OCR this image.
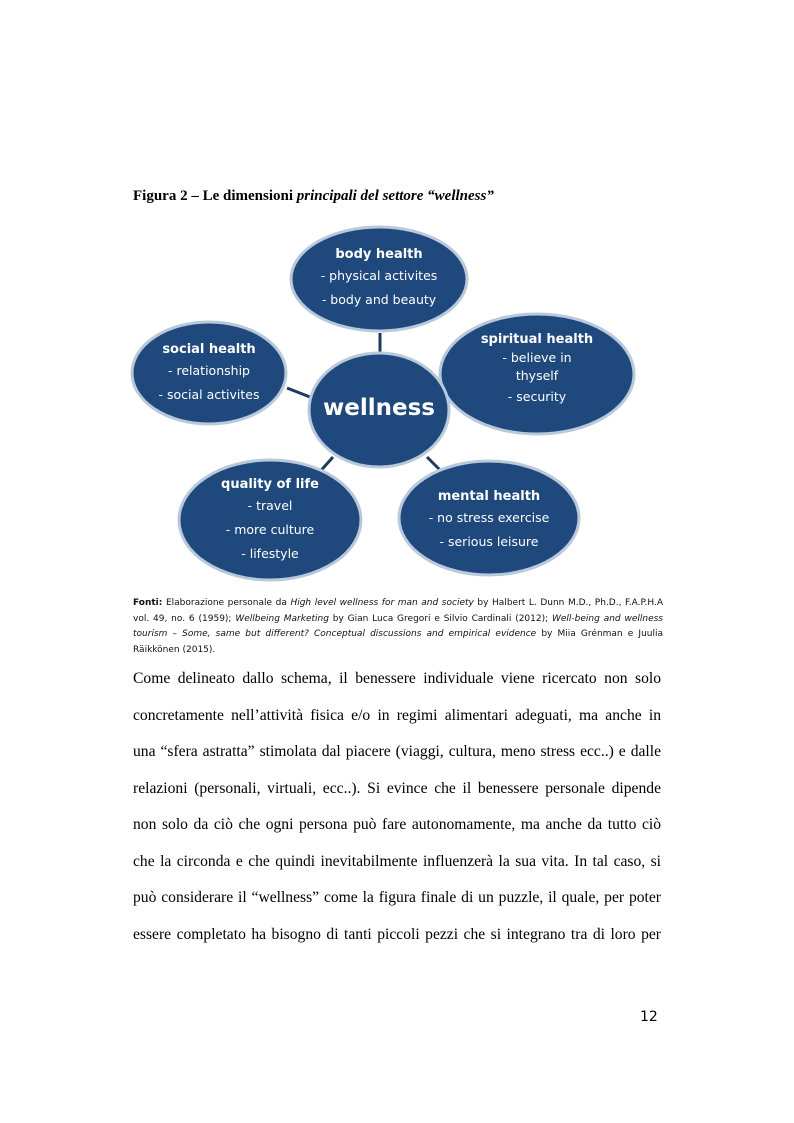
Figura 2 – Le dimensioni principali del settore “wellness”
wellness
body health
- physical activites
- body and beauty
spiritual health
- believe in
thyself
- security
mental health
- no stress exercise
- serious leisure
quality of life
- travel
- more culture
- lifestyle
social health
- relationship
- social activites
Fonti: Elaborazione personale da High level wellness for man and society by Halbert L. Dunn M.D., Ph.D., F.A.P.H.A vol. 49, no. 6 (1959); Wellbeing Marketing by Gian Luca Gregori e Silvio Cardinali (2012); Well-being and wellness tourism – Some, same but different? Conceptual discussions and empirical evidence by Miia Grénman e Juulia Räikkönen (2015).
Come delineato dallo schema, il benessere individuale viene ricercato non solo
concretamente nell’attività fisica e/o in regimi alimentari adeguati, ma anche in
una “sfera astratta” stimolata dal piacere (viaggi, cultura, meno stress ecc..) e dalle
relazioni (personali, virtuali, ecc..). Si evince che il benessere personale dipende
non solo da ciò che ogni persona può fare autonomamente, ma anche da tutto ciò
che la circonda e che quindi inevitabilmente influenzerà la sua vita. In tal caso, si
può considerare il “wellness” come la figura finale di un puzzle, il quale, per poter
essere completato ha bisogno di tanti piccoli pezzi che si integrano tra di loro per
12
